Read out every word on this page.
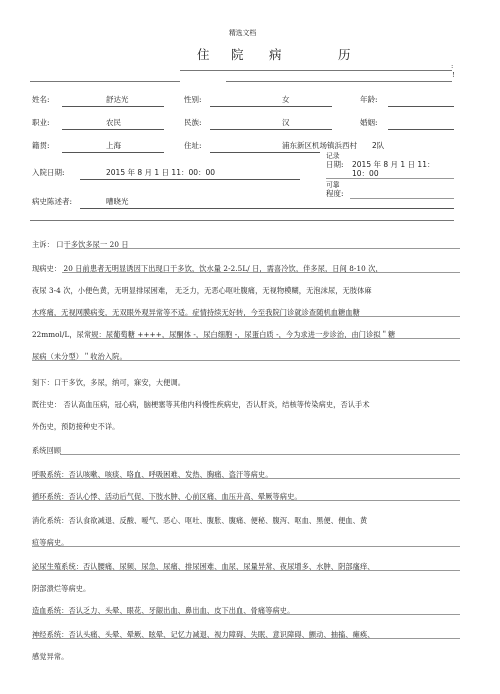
精选文档
住 院 病	历
:
!
姓名:	舒达光	性别:	女	年龄:
职业:	农民	民族:	汉	婚姻:
籍贯:	上海	住址:	浦东新区机场镇浜西村 2队
记录
入院日期:	2015 年 8 月 1 日 11：00：00
日期: 2015 年 8 月 1 日 11：
10：00
可靠
程度:
病史陈述者:	嘈晓光
主诉： 口干多饮多尿一 20 日
现病史： 20 日前患者无明显诱因下出现口干多饮，饮水量 2-2.5L/ 日，需喜冷饮，伴多尿，日间 8-10 次，
夜尿 3-4 次，小便色黄，无明显排尿困难， 无乏力，无恶心呕吐腹痛，无视物模糊，无泡沫尿，无肢体麻
木疼痛，无视网膜病变，无双眼外观异常等不适。症情持续无好转，今至我院门诊就诊查随机血糖血糖
22mmol/L，尿常规：尿葡萄糖 ++++，尿酮体 -，尿白细胞 -，尿蛋白质 -，今为求进一步诊治，由门诊拟＂糖
尿病（未分型）＂收治入院。
刻下：口干多饮，多尿，纳可，寐安，大便调。
既往史： 否认高血压病，冠心病，脑梗塞等其他内科慢性疾病史，否认肝炎，结核等传染病史，否认手术
外伤史，预防接种史不详。
系统回顾
呼吸系统：否认咳嗽、咳痰、咯血、呼吸困难、发热、胸痛、盗汗等病史。
循环系统：否认心悸、活动后气促、下肢水肿、心前区痛、血压升高、晕厥等病史。
消化系统：否认食欲减退、反酸、嗳气、恶心、呕吐、腹胀、腹痛、便秘、腹泻、呕血、黑便、便血、黄
疸等病史。
泌尿生殖系统：否认腰痛、尿频、尿急、尿痛、排尿困难、血尿、尿量异常、夜尿增多、水肿、阴部瘙痒、
阴部溃烂等病史。
造血系统：否认乏力、头晕、眼花、牙龈出血、鼻出血、皮下出血、骨痛等病史。
神经系统：否认头痛、头晕、晕厥、眩晕、记忆力减退、视力障碍、失眠、意识障碍、颤动、抽搐、瘫痪、
感觉异常。
